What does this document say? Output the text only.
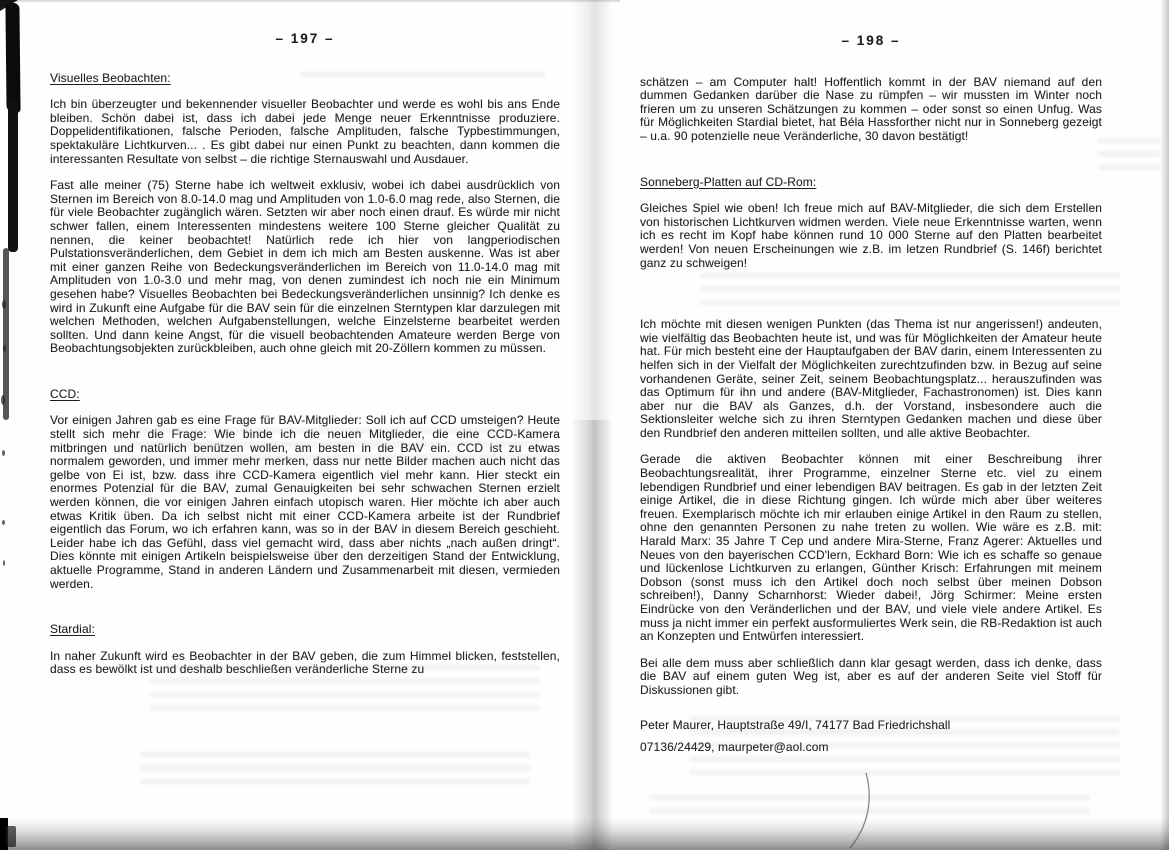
– 197 –
Visuelles Beobachten:

Ich bin überzeugter und bekennender visueller Beobachter und werde es wohl bis ans Ende bleiben. Schön dabei ist, dass ich dabei jede Menge neuer Erkenntnisse produziere. Doppelidentifikationen, falsche Perioden, falsche Amplituden, falsche Typbestimmungen, spektakuläre Lichtkurven... . Es gibt dabei nur einen Punkt zu beachten, dann kommen die interessanten Resultate von selbst – die richtige Sternauswahl und Ausdauer.

Fast alle meiner (75) Sterne habe ich weltweit exklusiv, wobei ich dabei ausdrücklich von Sternen im Bereich von 8.0-14.0 mag und Amplituden von 1.0-6.0 mag rede, also Sternen, die für viele Beobachter zugänglich wären. Setzten wir aber noch einen drauf. Es würde mir nicht schwer fallen, einem Interessenten mindestens weitere 100 Sterne gleicher Qualität zu nennen, die keiner beobachtet! Natürlich rede ich hier von langperiodischen Pulstationsveränderlichen, dem Gebiet in dem ich mich am Besten auskenne. Was ist aber mit einer ganzen Reihe von Bedeckungsveränderlichen im Bereich von 11.0-14.0 mag mit Amplituden von 1.0-3.0 und mehr mag, von denen zumindest ich noch nie ein Minimum gesehen habe? Visuelles Beobachten bei Bedeckungsveränderlichen unsinnig? Ich denke es wird in Zukunft eine Aufgabe für die BAV sein für die einzelnen Sterntypen klar darzulegen mit welchen Methoden, welchen Aufgabenstellungen, welche Einzelsterne bearbeitet werden sollten. Und dann keine Angst, für die visuell beobachtenden Amateure werden Berge von Beobachtungsobjekten zurückbleiben, auch ohne gleich mit 20-Zöllern kommen zu müssen.

CCD:

Vor einigen Jahren gab es eine Frage für BAV-Mitglieder: Soll ich auf CCD umsteigen? Heute stellt sich mehr die Frage: Wie binde ich die neuen Mitglieder, die eine CCD-Kamera mitbringen und natürlich benützen wollen, am besten in die BAV ein. CCD ist zu etwas normalem geworden, und immer mehr merken, dass nur nette Bilder machen auch nicht das gelbe von Ei ist, bzw. dass ihre CCD-Kamera eigentlich viel mehr kann. Hier steckt ein enormes Potenzial für die BAV, zumal Genauigkeiten bei sehr schwachen Sternen erzielt werden können, die vor einigen Jahren einfach utopisch waren. Hier möchte ich aber auch etwas Kritik üben. Da ich selbst nicht mit einer CCD-Kamera arbeite ist der Rundbrief eigentlich das Forum, wo ich erfahren kann, was so in der BAV in diesem Bereich geschieht. Leider habe ich das Gefühl, dass viel gemacht wird, dass aber nichts „nach außen dringt“. Dies könnte mit einigen Artikeln beispielsweise über den derzeitigen Stand der Entwicklung, aktuelle Programme, Stand in anderen Ländern und Zusammenarbeit mit diesen, vermieden werden.

Stardial:

In naher Zukunft wird es Beobachter in der BAV geben, die zum Himmel blicken, feststellen, dass es bewölkt ist und deshalb beschließen veränderliche Sterne zu

– 198 –

schätzen – am Computer halt! Hoffentlich kommt in der BAV niemand auf den dummen Gedanken darüber die Nase zu rümpfen – wir mussten im Winter noch frieren um zu unseren Schätzungen zu kommen – oder sonst so einen Unfug. Was für Möglichkeiten Stardial bietet, hat Béla Hassforther nicht nur in Sonneberg gezeigt – u.a. 90 potenzielle neue Veränderliche, 30 davon bestätigt!

Sonneberg-Platten auf CD-Rom:

Gleiches Spiel wie oben! Ich freue mich auf BAV-Mitglieder, die sich dem Erstellen von historischen Lichtkurven widmen werden. Viele neue Erkenntnisse warten, wenn ich es recht im Kopf habe können rund 10 000 Sterne auf den Platten bearbeitet werden! Von neuen Erscheinungen wie z.B. im letzen Rundbrief (S. 146f) berichtet ganz zu schweigen!

Ich möchte mit diesen wenigen Punkten (das Thema ist nur angerissen!) andeuten, wie vielfältig das Beobachten heute ist, und was für Möglichkeiten der Amateur heute hat. Für mich besteht eine der Hauptaufgaben der BAV darin, einem Interessenten zu helfen sich in der Vielfalt der Möglichkeiten zurechtzufinden bzw. in Bezug auf seine vorhandenen Geräte, seiner Zeit, seinem Beobachtungsplatz... herauszufinden was das Optimum für ihn und andere (BAV-Mitglieder, Fachastronomen) ist. Dies kann aber nur die BAV als Ganzes, d.h. der Vorstand, insbesondere auch die Sektionsleiter welche sich zu ihren Sterntypen Gedanken machen und diese über den Rundbrief den anderen mitteilen sollten, und alle aktive Beobachter.

Gerade die aktiven Beobachter können mit einer Beschreibung ihrer Beobachtungsrealität, ihrer Programme, einzelner Sterne etc. viel zu einem lebendigen Rundbrief und einer lebendigen BAV beitragen. Es gab in der letzten Zeit einige Artikel, die in diese Richtung gingen. Ich würde mich aber über weiteres freuen. Exemplarisch möchte ich mir erlauben einige Artikel in den Raum zu stellen, ohne den genannten Personen zu nahe treten zu wollen. Wie wäre es z.B. mit: Harald Marx: 35 Jahre T Cep und andere Mira-Sterne, Franz Agerer: Aktuelles und Neues von den bayerischen CCD'lern, Eckhard Born: Wie ich es schaffe so genaue und lückenlose Lichtkurven zu erlangen, Günther Krisch: Erfahrungen mit meinem Dobson (sonst muss ich den Artikel doch noch selbst über meinen Dobson schreiben!), Danny Scharnhorst: Wieder dabei!, Jörg Schirmer: Meine ersten Eindrücke von den Veränderlichen und der BAV, und viele viele andere Artikel. Es muss ja nicht immer ein perfekt ausformuliertes Werk sein, die RB-Redaktion ist auch an Konzepten und Entwürfen interessiert.

Bei alle dem muss aber schließlich dann klar gesagt werden, dass ich denke, dass die BAV auf einem guten Weg ist, aber es auf der anderen Seite viel Stoff für Diskussionen gibt.

Peter Maurer, Hauptstraße 49/I, 74177 Bad Friedrichshall
07136/24429, maurpeter@aol.com
